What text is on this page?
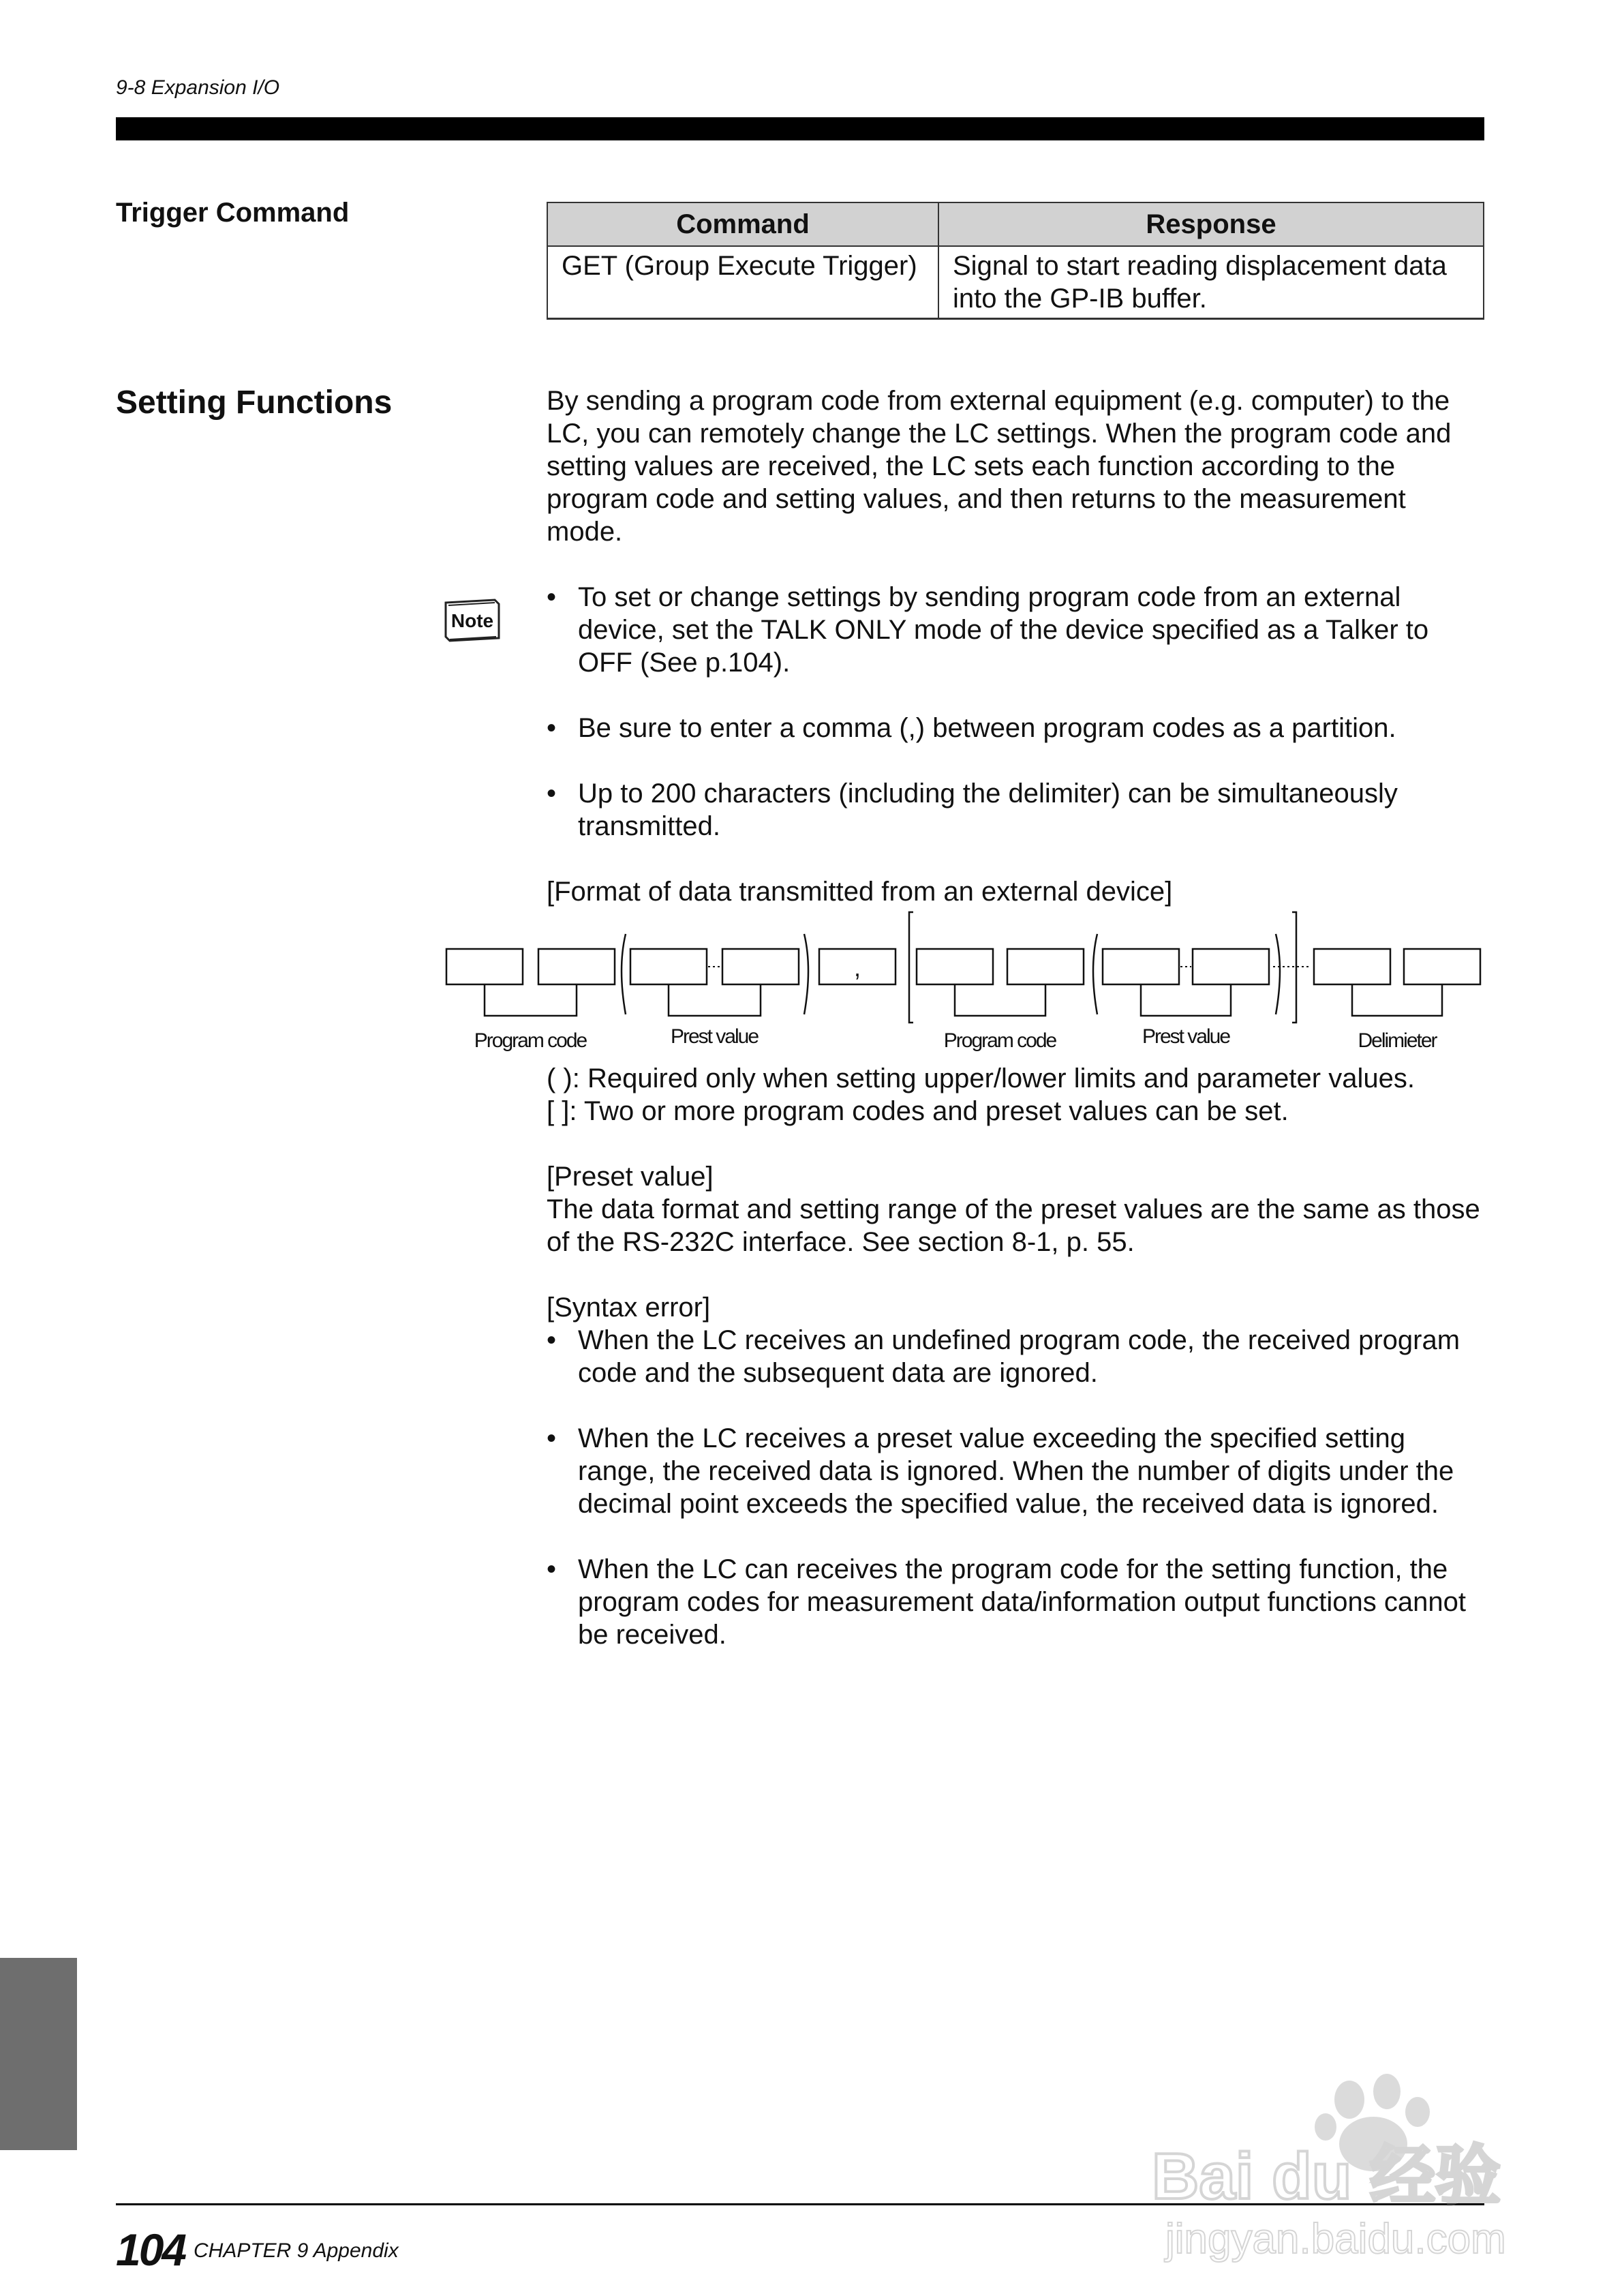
9-8 Expansion I/O
Trigger Command	Command	Response
GET (Group Execute Trigger)	Signal to start reading displacement data into the GP-IB buffer.
Setting Functions	By sending a program code from external equipment (e.g. computer) to the LC, you can remotely change the LC settings. When the program code and setting values are received, the LC sets each function according to the program code and setting values, and then returns to the measurement mode.

• To set or change settings by sending program code from an external device, set the TALK ONLY mode of the device specified as a Talker to OFF (See p.104).
• Be sure to enter a comma (,) between program codes as a partition.
• Up to 200 characters (including the delimiter) can be simultaneously transmitted.

[Format of data transmitted from an external device]

Note
,
Program code	Prest value	Program code	Prest value	Delimieter

( ): Required only when setting upper/lower limits and parameter values.

[ ]: Two or more program codes and preset values can be set.

[Preset value]

The data format and setting range of the preset values are the same as those of the RS-232C interface. See section 8-1, p. 55.

[Syntax error]

• When the LC receives an undefined program code, the received program code and the subsequent data are ignored.
• When the LC receives a preset value exceeding the specified setting range, the received data is ignored. When the number of digits under the decimal point exceeds the specified value, the received data is ignored.
• When the LC can receives the program code for the setting function, the program codes for measurement data/information output functions cannot be received.
104 CHAPTER 9 Appendix
Bai du 经验
jingyan.baidu.com
